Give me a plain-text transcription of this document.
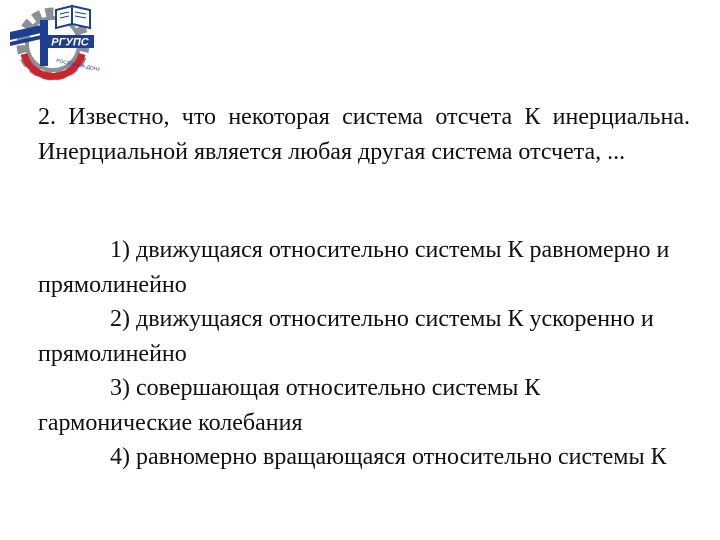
РГУПС
РОСТОВ-НА-ДОНУ
2. Известно, что некоторая система отсчета К инерциальна. Инерциальной является любая другая система отсчета, ...

1) движущаяся относительно системы К равномерно и прямолинейно

2) движущаяся относительно системы К ускоренно и прямолинейно

3) совершающая относительно системы К гармонические колебания

4) равномерно вращающаяся относительно системы К
